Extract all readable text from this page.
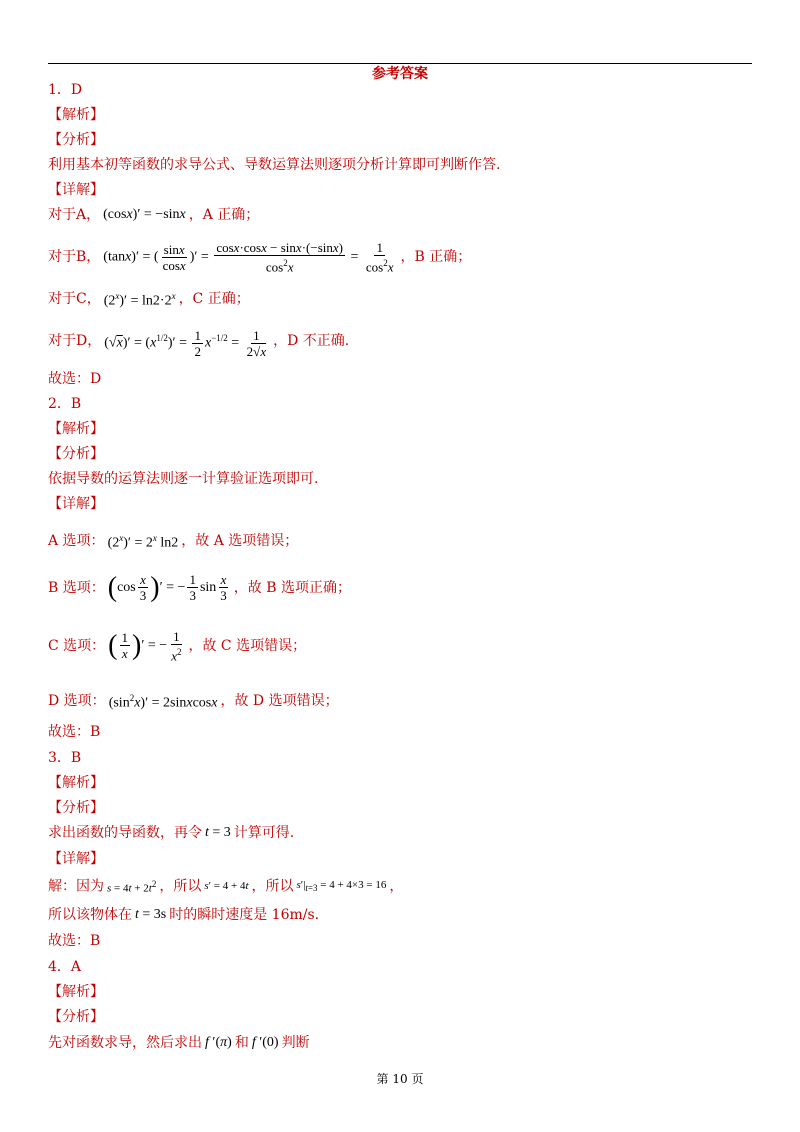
参考答案
1．D
【解析】
【分析】
利用基本初等函数的求导公式、导数运算法则逐项分析计算即可判断作答.
【详解】
对于A， (cosx)′ = −sinx ，A 正确；
对于B， (tanx)′ = ( $\frac{\sin x}{\cos x}$ )′ = $\frac{\cos x\cdot\cos x - \sin x\cdot(-\sin x)}{\cos^2x} = \frac{1}{\cos^2x}$ ，B 正确；
对于C， $(2^x)' = \ln 2\cdot 2^x$ ，C 正确；
对于D， $(√x)' = (x^{1/2})' = \frac{1}{2} x^{-1/2} = \frac{1}{2√x}$ ，D 不正确.
故选：D
2．B
【解析】
【分析】
依据导数的运算法则逐一计算验证选项即可.
【详解】
A 选项： $(2^x)' = 2^x$ ln2 ，故 A 选项错误；
B 选项： ($\cos \frac{x}{3}$ )′ = − $\frac{1}{3}$ $\sin \frac{x}{3}$ ，故 B 选项正确；
C 选项： ( $\frac{1}{x}$ )′ = − $\frac{1}{x^2}$ ，故 C 选项错误；
D 选项： $(\sin^2x)'$ = 2sinxcosx ，故 D 选项错误；
故选：B
3．B
【解析】
【分析】
求出函数的导函数，再令 t = 3 计算可得.
【详解】
解：因为 $s = 4t + 2t^2$ ，所以 s′ = 4 + 4t ，所以 $s'|_{t=3} = 4 + 4\times 3 = 16$ ，
所以该物体在 t = 3s 时的瞬时速度是 16m/s.
故选：B
4．A
【解析】
【分析】
先对函数求导，然后求出 f ′(π) 和 f ′(0) 判断
第 10 页
